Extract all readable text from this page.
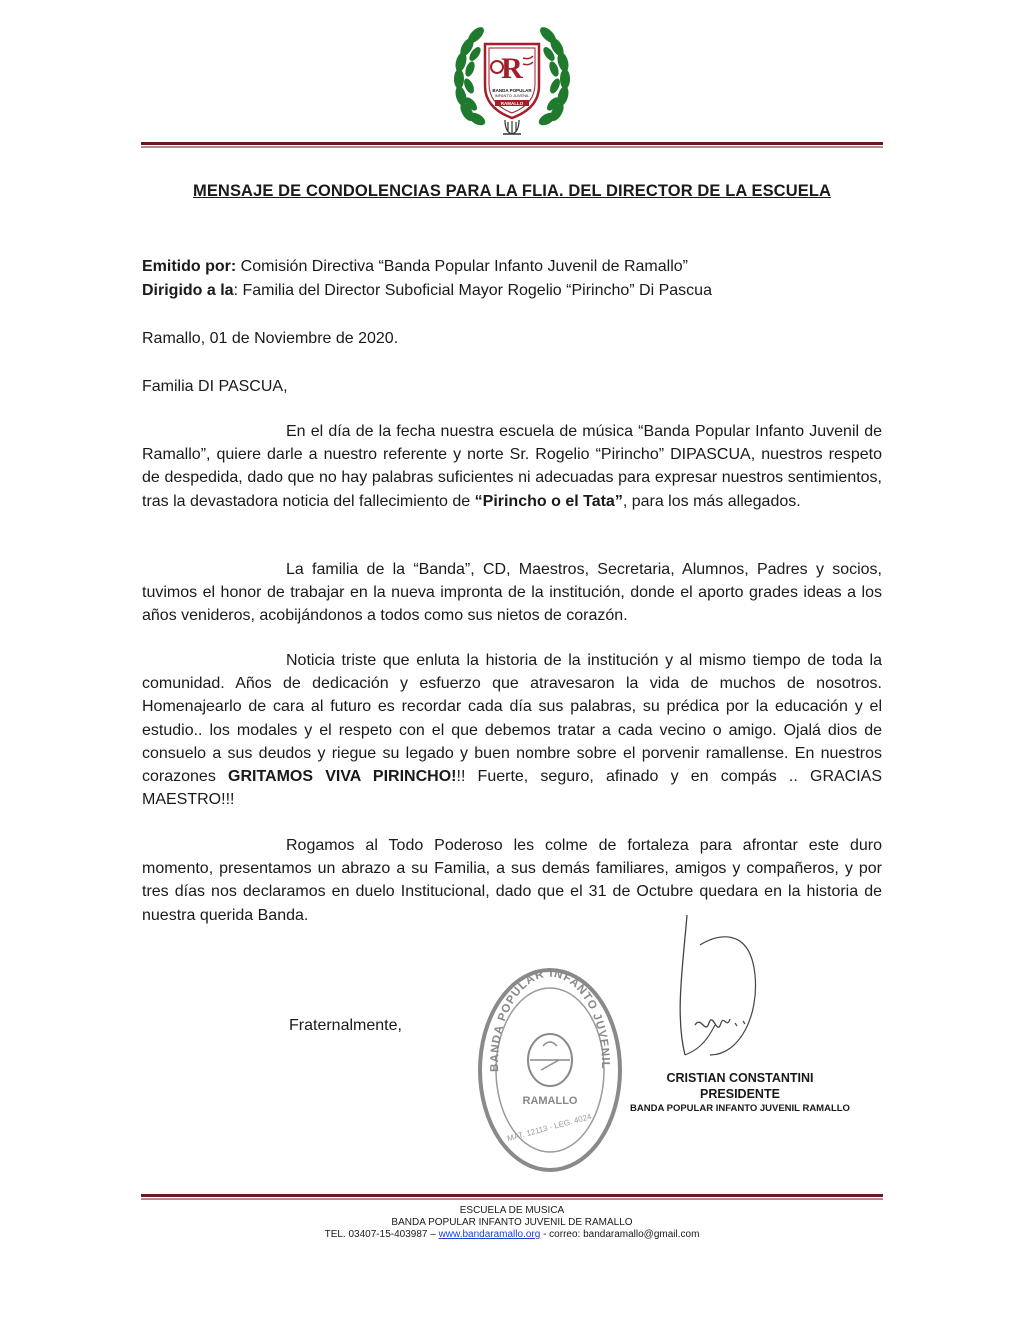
R
BANDA POPULAR
INFANTO JUVENIL
RAMALLO
MENSAJE DE CONDOLENCIAS PARA LA FLIA. DEL DIRECTOR DE LA ESCUELA
Emitido por: Comisión Directiva “Banda Popular Infanto Juvenil de Ramallo”
Dirigido a la: Familia del Director Suboficial Mayor Rogelio “Pirincho” Di Pascua
Ramallo, 01 de Noviembre de 2020.
Familia DI PASCUA,
En el día de la fecha nuestra escuela de música “Banda Popular Infanto Juvenil de Ramallo”, quiere darle a nuestro referente y norte Sr. Rogelio “Pirincho” DIPASCUA, nuestros respeto de despedida, dado que no hay palabras suficientes ni adecuadas para expresar nuestros sentimientos, tras la devastadora noticia del fallecimiento de “Pirincho o el Tata”, para los más allegados.
La familia de la “Banda”, CD, Maestros, Secretaria, Alumnos, Padres y socios, tuvimos el honor de trabajar en la nueva impronta de la institución, donde el aporto grades ideas a los años venideros, acobijándonos a todos como sus nietos de corazón.
Noticia triste que enluta la historia de la institución y al mismo tiempo de toda la comunidad. Años de dedicación y esfuerzo que atravesaron la vida de muchos de nosotros. Homenajearlo de cara al futuro es recordar cada día sus palabras, su prédica por la educación y el estudio.. los modales y el respeto con el que debemos tratar a cada vecino o amigo. Ojalá dios de consuelo a sus deudos y riegue su legado y buen nombre sobre el porvenir ramallense. En nuestros corazones GRITAMOS VIVA PIRINCHO!!! Fuerte, seguro, afinado y en compás .. GRACIAS MAESTRO!!!
Rogamos al Todo Poderoso les colme de fortaleza para afrontar este duro momento, presentamos un abrazo a su Familia, a sus demás familiares, amigos y compañeros, y por tres días nos declaramos en duelo Institucional, dado que el 31 de Octubre quedara en la historia de nuestra querida Banda.
Fraternalmente,
BANDA POPULAR INFANTO JUVENIL
RAMALLO
MAT. 12113 · LEG. 4024
CRISTIAN CONSTANTINI
PRESIDENTE
BANDA POPULAR INFANTO JUVENIL RAMALLO
ESCUELA DE MUSICA
BANDA POPULAR INFANTO JUVENIL DE RAMALLO
TEL. 03407-15-403987 – www.bandaramallo.org - correo: bandaramallo@gmail.com
